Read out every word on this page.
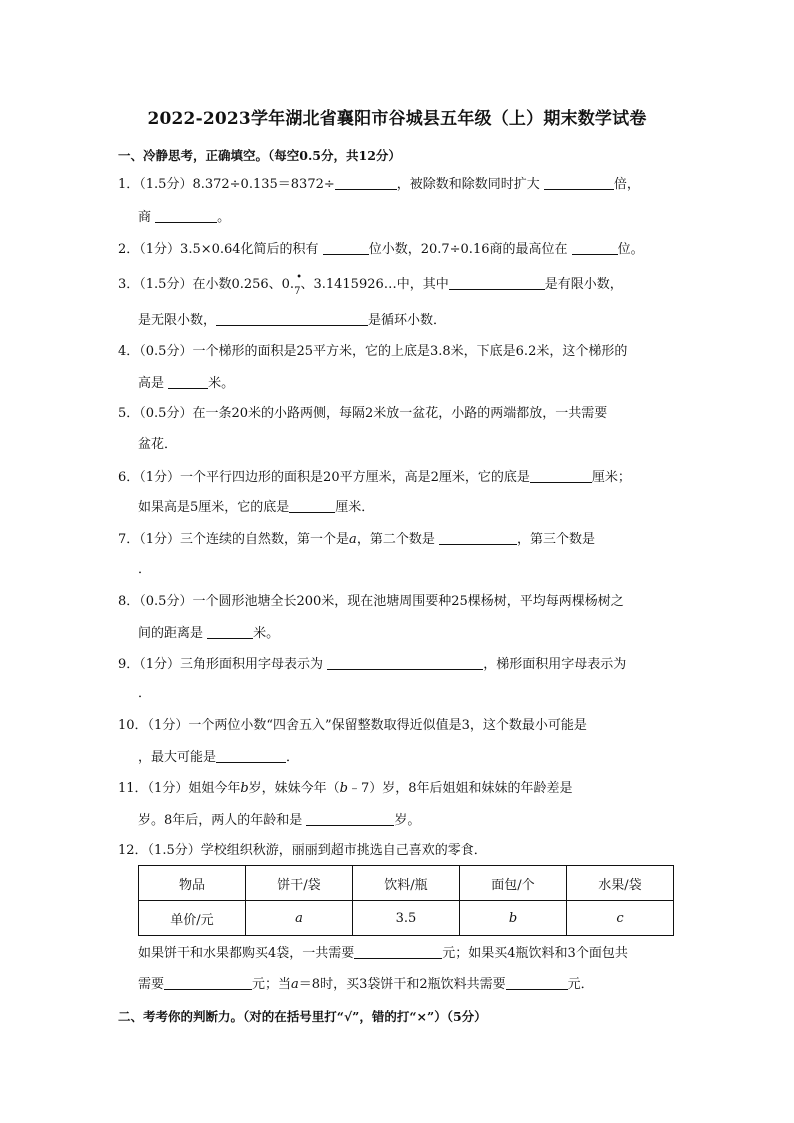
2022-2023学年湖北省襄阳市谷城县五年级（上）期末数学试卷
一、冷静思考，正确填空。（每空0.5分，共12分）
1．（1.5分）8.372÷0.135＝8372÷	，被除数和除数同时扩大	倍，
商	。
2．（1分）3.5×0.64化简后的积有	位小数，20.7÷0.16商的最高位在	位。
3．（1.5分）在小数0.256、0. •
7、3.1415926…中，其中	是有限小数，
是无限小数，	是循环小数．
4．（0.5分）一个梯形的面积是25平方米，它的上底是3.8米，下底是6.2米，这个梯形的
高是	米。
5．（0.5分）在一条20米的小路两侧，每隔2米放一盆花，小路的两端都放，一共需要
盆花．
6．（1分）一个平行四边形的面积是20平方厘米，高是2厘米，它的底是	厘米；
如果高是5厘米，它的底是	厘米．
7．（1分）三个连续的自然数，第一个是a，第二个数是	，第三个数是
．
8．（0.5分）一个圆形池塘全长200米，现在池塘周围要种25棵杨树，平均每两棵杨树之
间的距离是	米。
9．（1分）三角形面积用字母表示为	，梯形面积用字母表示为
．
10．（1分）一个两位小数“四舍五入”保留整数取得近似值是3，这个数最小可能是
，最大可能是	．
11．（1分）姐姐今年b岁，妹妹今年（b﹣7）岁，8年后姐姐和妹妹的年龄差是
岁。8年后，两人的年龄和是	岁。
12．（1.5分）学校组织秋游，丽丽到超市挑选自己喜欢的零食．
物品	饼干/袋	饮料/瓶	面包/个	水果/袋
单价/元	a	3.5	b	c
如果饼干和水果都购买4袋，一共需要	元；如果买4瓶饮料和3个面包共
需要	元；当a＝8时，买3袋饼干和2瓶饮料共需要	元．
二、考考你的判断力。（对的在括号里打“√”，错的打“×”）（5分）
